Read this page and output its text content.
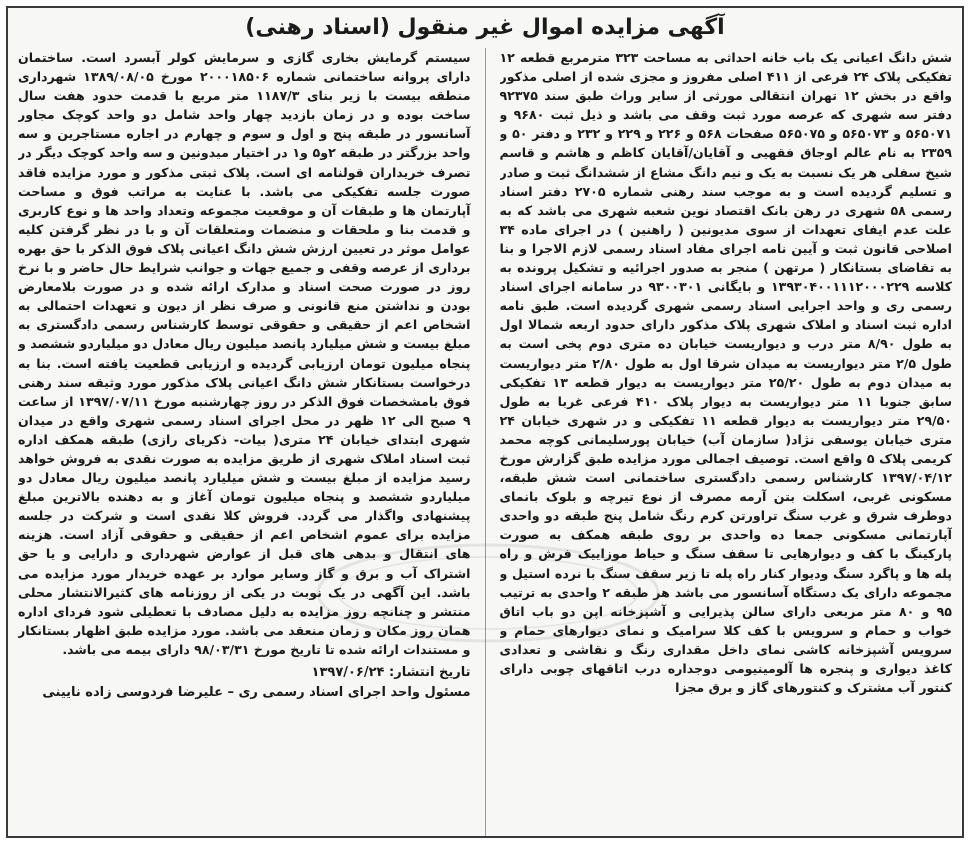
آگهی مزایده اموال غیر منقول (اسناد رهنی)

شش دانگ اعیانی یک باب خانه احداثی به مساحت ۳۲۳ مترمربع قطعه ۱۲ تفکیکی پلاک ۲۴ فرعی از ۴۱۱ اصلی مفروز و مجزی شده از اصلی مذکور واقع در بخش ۱۲ تهران انتقالی مورثی از سایر وراث طبق سند ۹۲۳۷۵ دفتر سه شهری که عرصه مورد ثبت وقف می باشد و ذیل ثبت ۹۶۸۰ و ۵۶۵۰۷۱ و ۵۶۵۰۷۳ و ۵۶۵۰۷۵ صفحات ۵۶۸ و ۲۲۶ و ۲۲۹ و ۲۳۲ و دفتر ۵۰ و ۲۳۵۹ به نام عالم اوجاق فقهیی و آقایان/آقایان کاظم و هاشم و قاسم شیخ سفلی هر یک نسبت به یک و نیم دانگ مشاع از ششدانگ ثبت و صادر و تسلیم گردیده است و به موجب سند رهنی شماره ۲۷۰۵ دفتر اسناد رسمی ۵۸ شهری در رهن بانک اقتصاد نوین شعبه شهری می باشد که به علت عدم ایفای تعهدات از سوی مدیونین ( راهنین ) در اجرای ماده ۳۴ اصلاحی قانون ثبت و آیین نامه اجرای مفاد اسناد رسمی لازم الاجرا و بنا به تقاضای بستانکار ( مرتهن ) منجر به صدور اجرائیه و تشکیل پرونده به کلاسه ۱۳۹۳۰۴۰۰۱۱۱۲۰۰۰۲۲۹ و بایگانی ۹۳۰۰۳۰۱ در سامانه اجرای اسناد رسمی ری و واحد اجرایی اسناد رسمی شهری گردیده است. طبق نامه اداره ثبت اسناد و املاک شهری پلاک مذکور دارای حدود اربعه شمالا اول به طول ۸/۹۰ متر درب و دیواریست خیابان ده متری دوم پخی است به طول ۲/۵ متر دیواریست به میدان شرقا اول به طول ۲/۸۰ متر دیواریست به میدان دوم به طول ۲۵/۲۰ متر دیواریست به دیوار قطعه ۱۳ تفکیکی سابق جنوبا ۱۱ متر دیواریست به دیوار پلاک ۴۱۰ فرعی غربا به طول ۲۹/۵۰ متر دیواریست به دیوار قطعه ۱۱ تفکیکی و در شهری خیابان ۲۴ متری خیابان یوسفی نژاد( سازمان آب) خیابان پورسلیمانی کوچه محمد کریمی پلاک ۵ واقع است. توصیف اجمالی مورد مزایده طبق گزارش مورخ ۱۳۹۷/۰۴/۱۲ کارشناس رسمی دادگستری ساختمانی است شش طبقه، مسکونی غربی، اسکلت بتن آرمه مصرف از نوع تیرچه و بلوک بانمای دوطرف شرق و غرب سنگ تراورتن کرم رنگ شامل پنج طبقه دو واحدی آپارتمانی مسکونی جمعا ده واحدی بر روی طبقه همکف به صورت پارکینگ با کف و دیوارهایی تا سقف سنگ و حیاط موزاییک فرش و راه پله ها و پاگرد سنگ ودیوار کنار راه پله تا زیر سقف سنگ با نرده استیل و مجموعه دارای یک دستگاه آسانسور می باشد هر طبقه ۲ واحدی به ترتیب ۹۵ و ۸۰ متر مربعی دارای سالن پذیرایی و آشپزخانه اپن دو باب اتاق خواب و حمام و سرویس با کف کلا سرامیک و نمای دیوارهای حمام و سرویس آشپزخانه کاشی نمای داخل مقداری رنگ و نقاشی و تعدادی کاغذ دیواری و پنجره ها آلومینیومی دوجداره درب اتاقهای چوبی دارای کنتور آب مشترک و کنتورهای گاز و برق مجزا

سیستم گرمایش بخاری گازی و سرمایش کولر آبسرد است. ساختمان دارای پروانه ساختمانی شماره ۲۰۰۰۱۸۵۰۶ مورخ ۱۳۸۹/۰۸/۰۵ شهرداری منطقه بیست با زیر بنای ۱۱۸۷/۳ متر مربع با قدمت حدود هفت سال ساخت بوده و در زمان بازدید چهار واحد شامل دو واحد کوچک مجاور آسانسور در طبقه پنج و اول و سوم و چهارم در اجاره مستاجرین و سه واحد بزرگتر در طبقه ۲و۵ و۱ در اختیار میدونین و سه واحد کوچک دیگر در تصرف خریداران قولنامه ای است. پلاک ثبتی مذکور و مورد مزایده فاقد صورت جلسه تفکیکی می باشد. با عنایت به مراتب فوق و مساحت آپارتمان ها و طبقات آن و موقعیت مجموعه وتعداد واحد ها و نوع کاربری و قدمت بنا و ملحقات و منضمات ومتعلقات آن و با در نظر گرفتن کلیه عوامل موثر در تعیین ارزش شش دانگ اعیانی پلاک فوق الذکر با حق بهره برداری از عرصه وقفی و جمیع جهات و جوانب شرایط حال حاضر و با نرخ روز در صورت صحت اسناد و مدارک ارائه شده و در صورت بلامعارض بودن و نداشتن منع قانونی و صرف نظر از دیون و تعهدات احتمالی به اشخاص اعم از حقیقی و حقوقی توسط کارشناس رسمی دادگستری به مبلغ بیست و شش میلیارد پانصد میلیون ریال معادل دو میلیاردو ششصد و پنجاه میلیون تومان ارزیابی گردیده و ارزیابی قطعیت یافته است. بنا به درخواست بستانکار شش دانگ اعیانی پلاک مذکور مورد وثیقه سند رهنی فوق بامشخصات فوق الذکر در روز چهارشنبه مورخ ۱۳۹۷/۰۷/۱۱ از ساعت ۹ صبح الی ۱۲ ظهر در محل اجرای اسناد رسمی شهری واقع در میدان شهری ابتدای خیابان ۲۴ متری( بیات- ذکریای رازی) طبقه همکف اداره ثبت اسناد املاک شهری از طریق مزایده به صورت نقدی به فروش خواهد رسید مزایده از مبلغ بیست و شش میلیارد پانصد میلیون ریال معادل دو میلیاردو ششصد و پنجاه میلیون تومان آغاز و به دهنده بالاترین مبلغ پیشنهادی واگذار می گردد. فروش کلا نقدی است و شرکت در جلسه مزایده برای عموم اشخاص اعم از حقیقی و حقوقی آزاد است. هزینه های انتقال و بدهی های قبل از عوارض شهرداری و دارایی و یا حق اشتراک آب و برق و گاز وسایر موارد بر عهده خریدار مورد مزایده می باشد. این آگهی در یک نوبت در یکی از روزنامه های کثیرالانتشار محلی منتشر و چنانچه روز مزایده به دلیل مصادف با تعطیلی شود فردای اداره همان روز مکان و زمان منعقد می باشد. مورد مزایده طبق اظهار بستانکار و مستندات ارائه شده تا تاریخ مورخ ۹۸/۰۳/۳۱ دارای بیمه می باشد.

تاریخ انتشار: ۱۳۹۷/۰۶/۲۴
مسئول واحد اجرای اسناد رسمی ری – علیرضا فردوسی زاده نایینی
